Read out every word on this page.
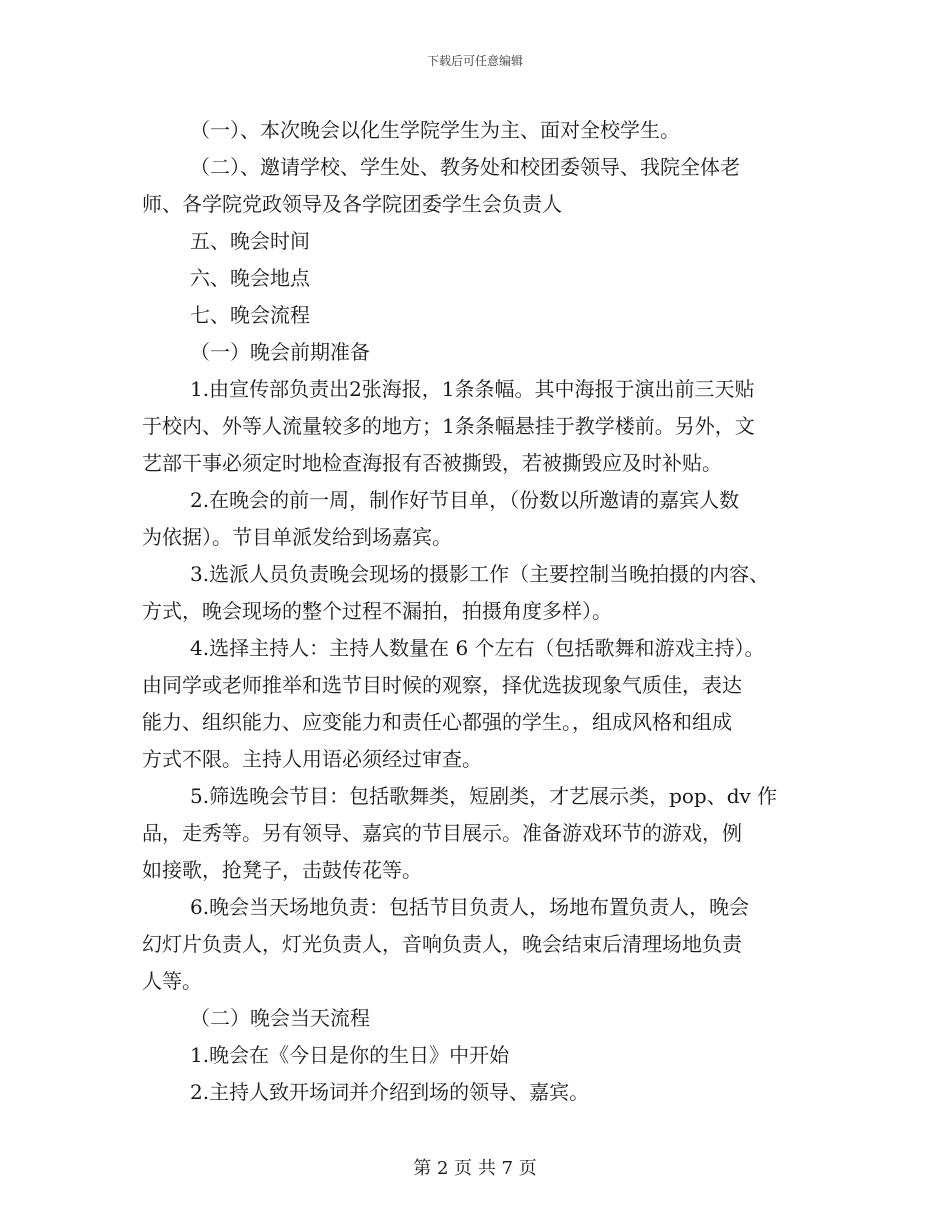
下载后可任意编辑

（一）、本次晚会以化生学院学生为主、面对全校学生。

（二）、邀请学校、学生处、教务处和校团委领导、我院全体老

师、各学院党政领导及各学院团委学生会负责人

五、晚会时间

六、晚会地点

七、晚会流程

（一）晚会前期准备

1.由宣传部负责出2张海报，1条条幅。其中海报于演出前三天贴

于校内、外等人流量较多的地方；1条条幅悬挂于教学楼前。另外，文

艺部干事必须定时地检查海报有否被撕毁，若被撕毁应及时补贴。

2.在晚会的前一周，制作好节目单，（份数以所邀请的嘉宾人数

为依据）。节目单派发给到场嘉宾。

3.选派人员负责晚会现场的摄影工作（主要控制当晚拍摄的内容、

方式，晚会现场的整个过程不漏拍，拍摄角度多样）。

4.选择主持人：主持人数量在 6 个左右（包括歌舞和游戏主持）。

由同学或老师推举和选节目时候的观察，择优选拔现象气质佳，表达

能力、组织能力、应变能力和责任心都强的学生。，组成风格和组成

方式不限。主持人用语必须经过审查。

5.筛选晚会节目：包括歌舞类，短剧类，才艺展示类，pop、dv 作

品，走秀等。另有领导、嘉宾的节目展示。准备游戏环节的游戏，例

如接歌，抢凳子，击鼓传花等。

6.晚会当天场地负责：包括节目负责人，场地布置负责人，晚会

幻灯片负责人，灯光负责人，音响负责人，晚会结束后清理场地负责

人等。

（二）晚会当天流程

1.晚会在《今日是你的生日》中开始

2.主持人致开场词并介绍到场的领导、嘉宾。

第 2 页 共 7 页
